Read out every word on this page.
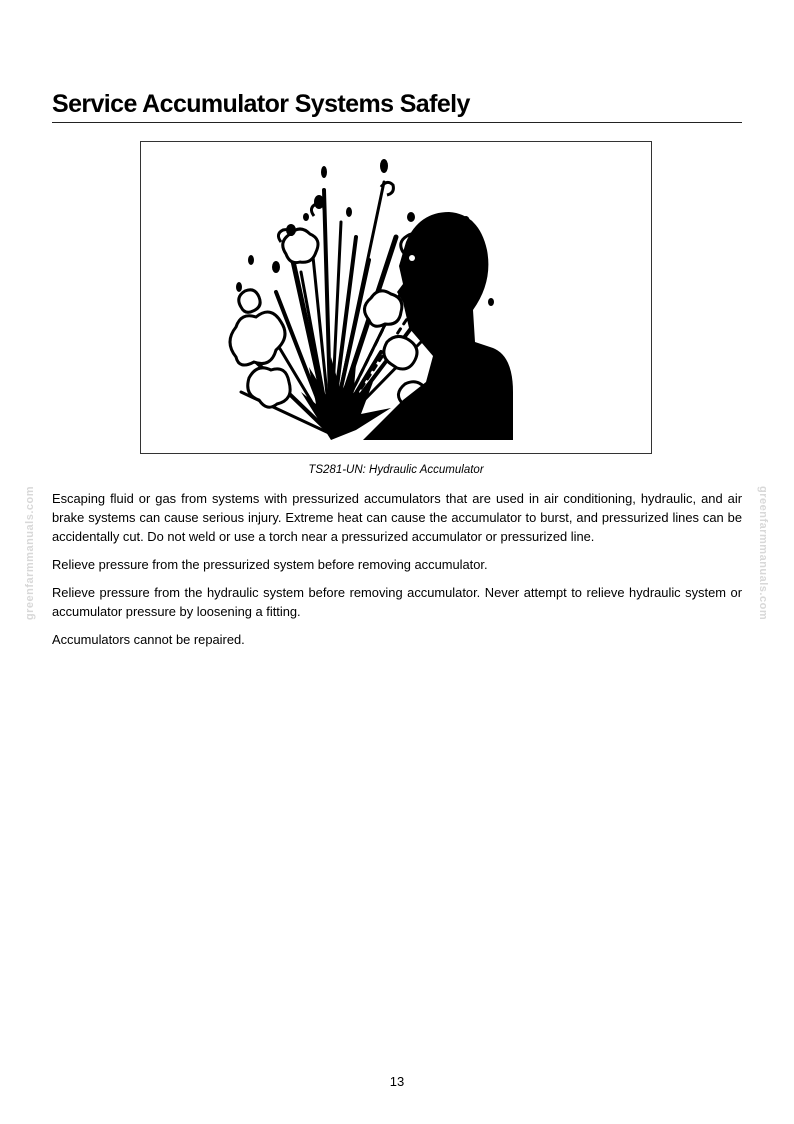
greenfarmmanuals.com	greenfarmmanuals.com
Service Accumulator Systems Safely
TS281-UN: Hydraulic Accumulator

Escaping fluid or gas from systems with pressurized accumulators that are used in air conditioning, hydraulic, and air brake systems can cause serious injury. Extreme heat can cause the accumulator to burst, and pressurized lines can be accidentally cut. Do not weld or use a torch near a pressurized accumulator or pressurized line.

Relieve pressure from the pressurized system before removing accumulator.

Relieve pressure from the hydraulic system before removing accumulator. Never attempt to relieve hydraulic system or accumulator pressure by loosening a fitting.

Accumulators cannot be repaired.

13
